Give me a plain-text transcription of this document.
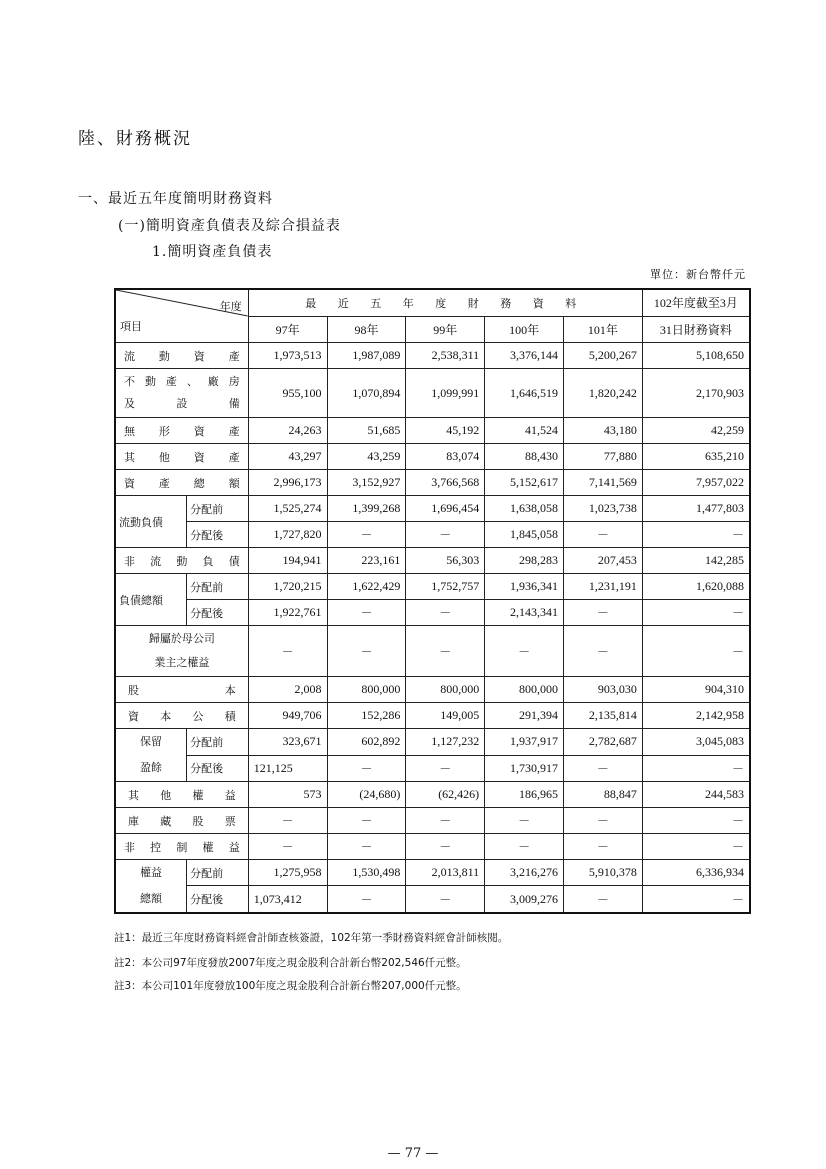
陸、財務概況
一、最近五年度簡明財務資料
(一)簡明資產負債表及綜合損益表
1.簡明資產負債表
單位：新台幣仟元
年度
項目		最 近 五 年 度 財 務 資 料					102年度截至3月
		97年	98年	99年	100年	101年	31日財務資料
流動資產		1,973,513	1,987,089	2,538,311	3,376,144	5,200,267	5,108,650

不動產、廠房
及設備		955,100	1,070,894	1,099,991	1,646,519	1,820,242	2,170,903
無形資產		24,263	51,685	45,192	41,524	43,180	42,259
其他資產		43,297	43,259	83,074	88,430	77,880	635,210
資產總額		2,996,173	3,152,927	3,766,568	5,152,617	7,141,569	7,957,022
流動負債	分配前	1,525,274	1,399,268	1,696,454	1,638,058	1,023,738	1,477,803
	分配後	1,727,820	－	－	1,845,058	－	－
非流動負債		194,941	223,161	56,303	298,283	207,453	142,285
負債總額	分配前	1,720,215	1,622,429	1,752,757	1,936,341	1,231,191	1,620,088
	分配後	1,922,761	－	－	2,143,341	－	－

歸屬於母公司
業主之權益		－	－	－	－	－	－
股本		2,008	800,000	800,000	800,000	903,030	904,310
資本公積		949,706	152,286	149,005	291,394	2,135,814	2,142,958

保留
盈餘	分配前	323,671	602,892	1,127,232	1,937,917	2,782,687	3,045,083
	分配後	121,125	－	－	1,730,917	－	－
其他權益		573	(24,680)	(62,426)	186,965	88,847	244,583
庫藏股票		－	－	－	－	－	－
非控制權益		－	－	－	－	－	－

權益
總額	分配前	1,275,958	1,530,498	2,013,811	3,216,276	5,910,378	6,336,934
	分配後	1,073,412	－	－	3,009,276	－	－
註1：最近三年度財務資料經會計師查核簽證，102年第一季財務資料經會計師核閱。
註2：本公司97年度發放2007年度之現金股利合計新台幣202,546仟元整。
註3：本公司101年度發放100年度之現金股利合計新台幣207,000仟元整。
— 77 —
